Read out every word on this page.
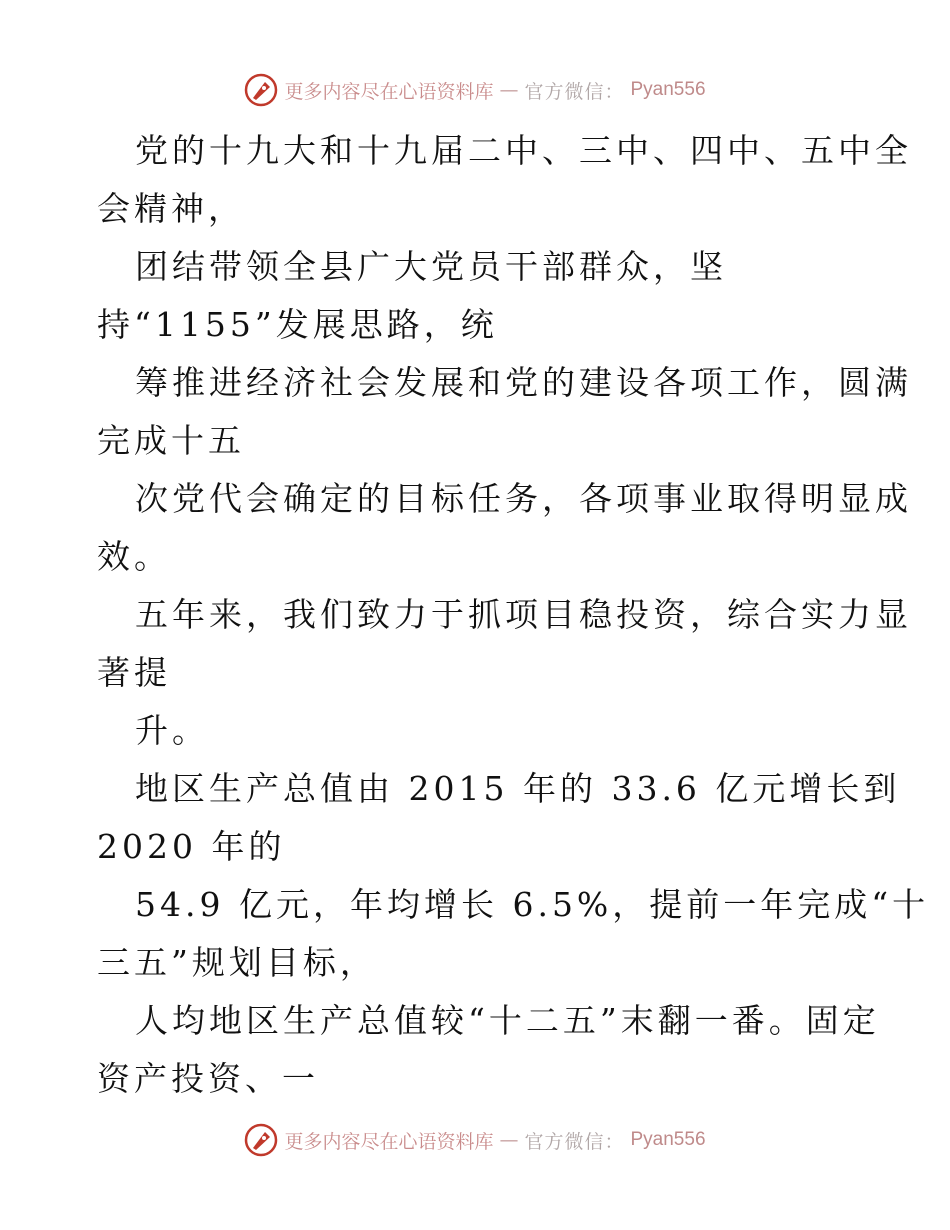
更多内容尽在心语资料库 — 官方微信： Pyan556
党的十九大和十九届二中、三中、四中、五中全
会精神，
团结带领全县广大党员干部群众，坚
持“1155”发展思路，统
筹推进经济社会发展和党的建设各项工作，圆满
完成十五
次党代会确定的目标任务，各项事业取得明显成
效。
五年来，我们致力于抓项目稳投资，综合实力显
著提
升。
地区生产总值由 2015 年的 33.6 亿元增长到
2020 年的
54.9 亿元，年均增长 6.5%，提前一年完成“十
三五”规划目标，
人均地区生产总值较“十二五”末翻一番。固定
资产投资、一
更多内容尽在心语资料库 — 官方微信： Pyan556
